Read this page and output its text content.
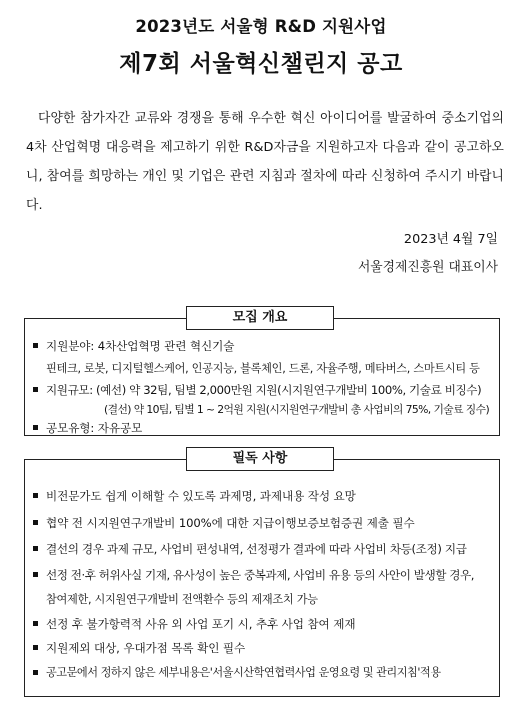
2023년도 서울형 R&D 지원사업
제7회 서울혁신챌린지 공고
다양한 참가자간 교류와 경쟁을 통해 우수한 혁신 아이디어를 발굴하여 중소기업의 4차 산업혁명 대응력을 제고하기 위한 R&D자금을 지원하고자 다음과 같이 공고하오니, 참여를 희망하는 개인 및 기업은 관련 지침과 절차에 따라 신청하여 주시기 바랍니다.
2023년 4월 7일
서울경제진흥원 대표이사
모집 개요
지원분야: 4차산업혁명 관련 혁신기술
핀테크, 로봇, 디지털헬스케어, 인공지능, 블록체인, 드론, 자율주행, 메타버스, 스마트시티 등
지원규모: (예선) 약 32팀, 팀별 2,000만원 지원(시지원연구개발비 100%, 기술료 비징수)
(결선) 약 10팀, 팀별 1 ~ 2억원 지원(시지원연구개발비 총 사업비의 75%, 기술료 징수)
공모유형: 자유공모
필독 사항
비전문가도 쉽게 이해할 수 있도록 과제명, 과제내용 작성 요망
협약 전 시지원연구개발비 100%에 대한 지급이행보증보험증권 제출 필수
결선의 경우 과제 규모, 사업비 편성내역, 선정평가 결과에 따라 사업비 차등(조정) 지급
선정 전·후 허위사실 기재, 유사성이 높은 중복과제, 사업비 유용 등의 사안이 발생할 경우,
참여제한, 시지원연구개발비 전액환수 등의 제재조치 가능
선정 후 불가항력적 사유 외 사업 포기 시, 추후 사업 참여 제재
지원제외 대상, 우대가점 목록 확인 필수
공고문에서 정하지 않은 세부내용은'서울시산학연협력사업 운영요령 및 관리지침'적용
